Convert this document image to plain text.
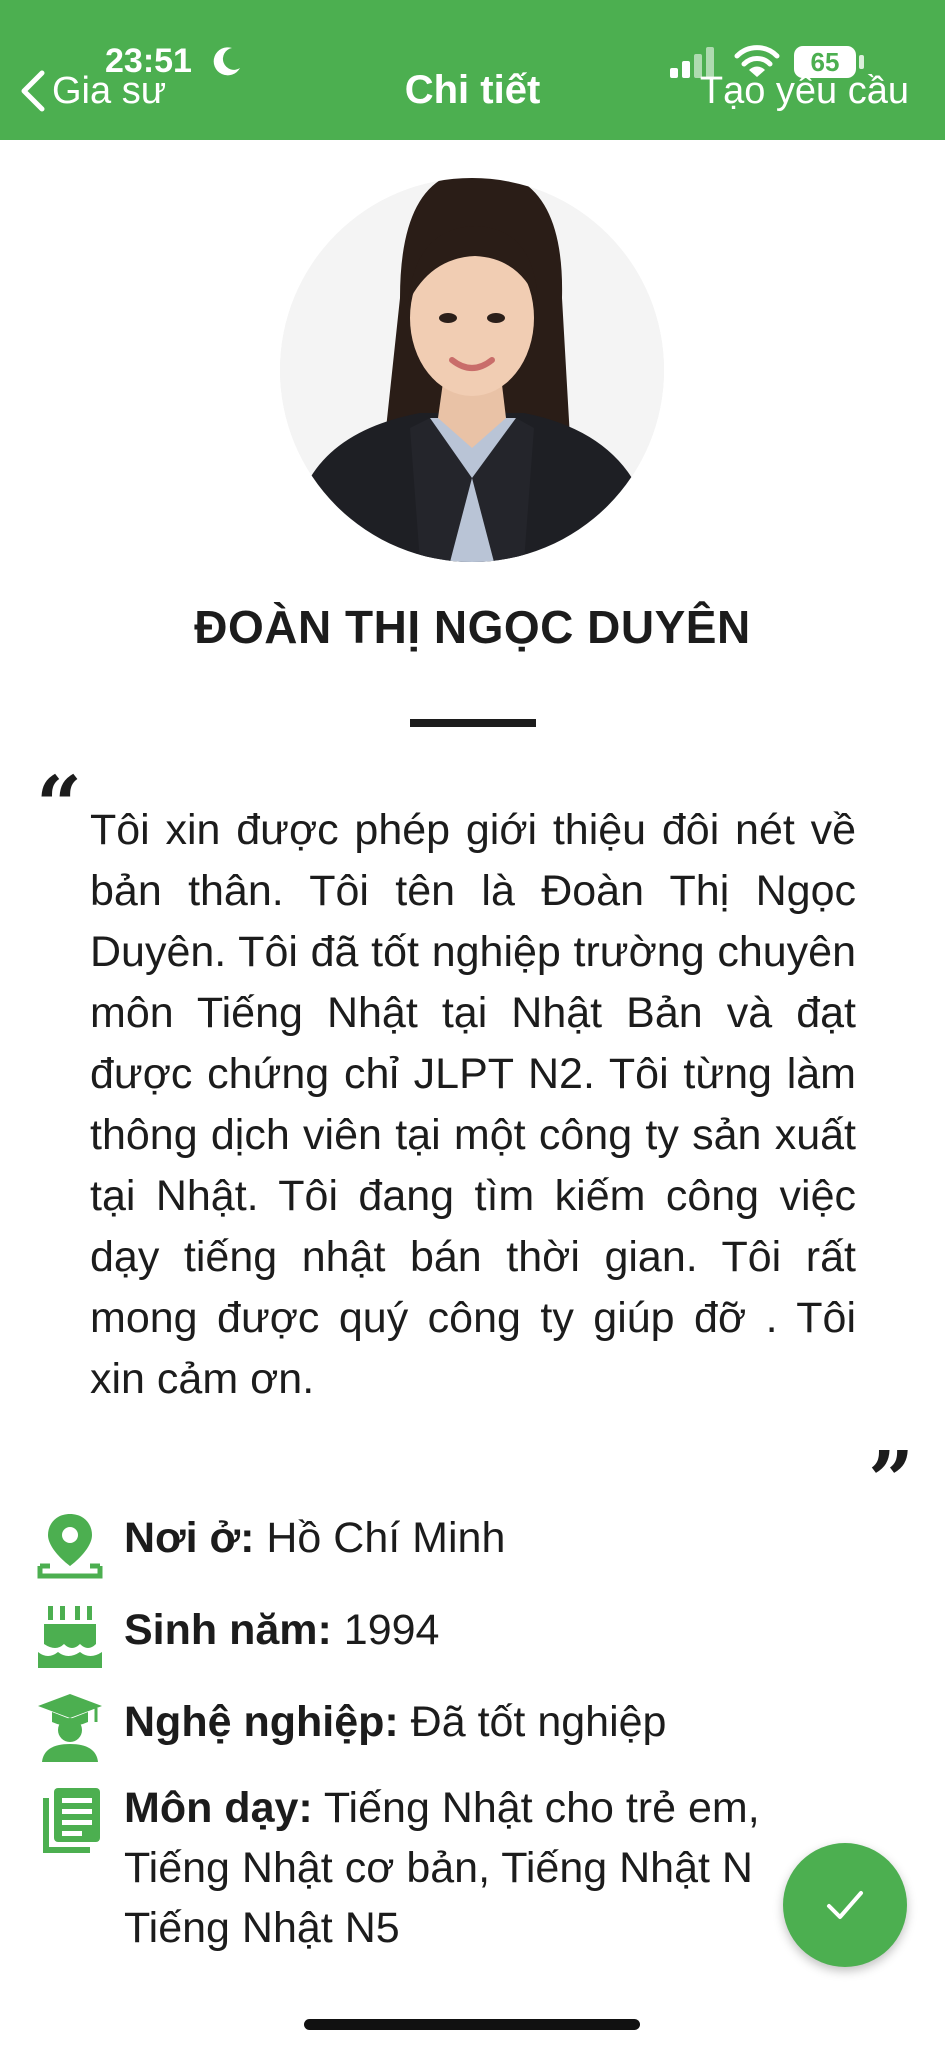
23:51
Gia sư	Chi tiết
65
Tạo yêu cầu
ĐOÀN THỊ NGỌC DUYÊN
“ Tôi xin được phép giới thiệu đôi nét về bản thân. Tôi tên là Đoàn Thị Ngọc Duyên. Tôi đã tốt nghiệp trường chuyên môn Tiếng Nhật tại Nhật Bản và đạt được chứng chỉ JLPT N2. Tôi từng làm thông dịch viên tại một công ty sản xuất tại Nhật. Tôi đang tìm kiếm công việc dạy tiếng nhật bán thời gian. Tôi rất mong được quý công ty giúp đỡ . Tôi xin cảm ơn.
”
Nơi ở: Hồ Chí Minh
Sinh năm: 1994
Nghệ nghiệp: Đã tốt nghiệp
Môn dạy: Tiếng Nhật cho trẻ em, Tiếng Nhật cơ bản, Tiếng Nhật N
Tiếng Nhật N5
